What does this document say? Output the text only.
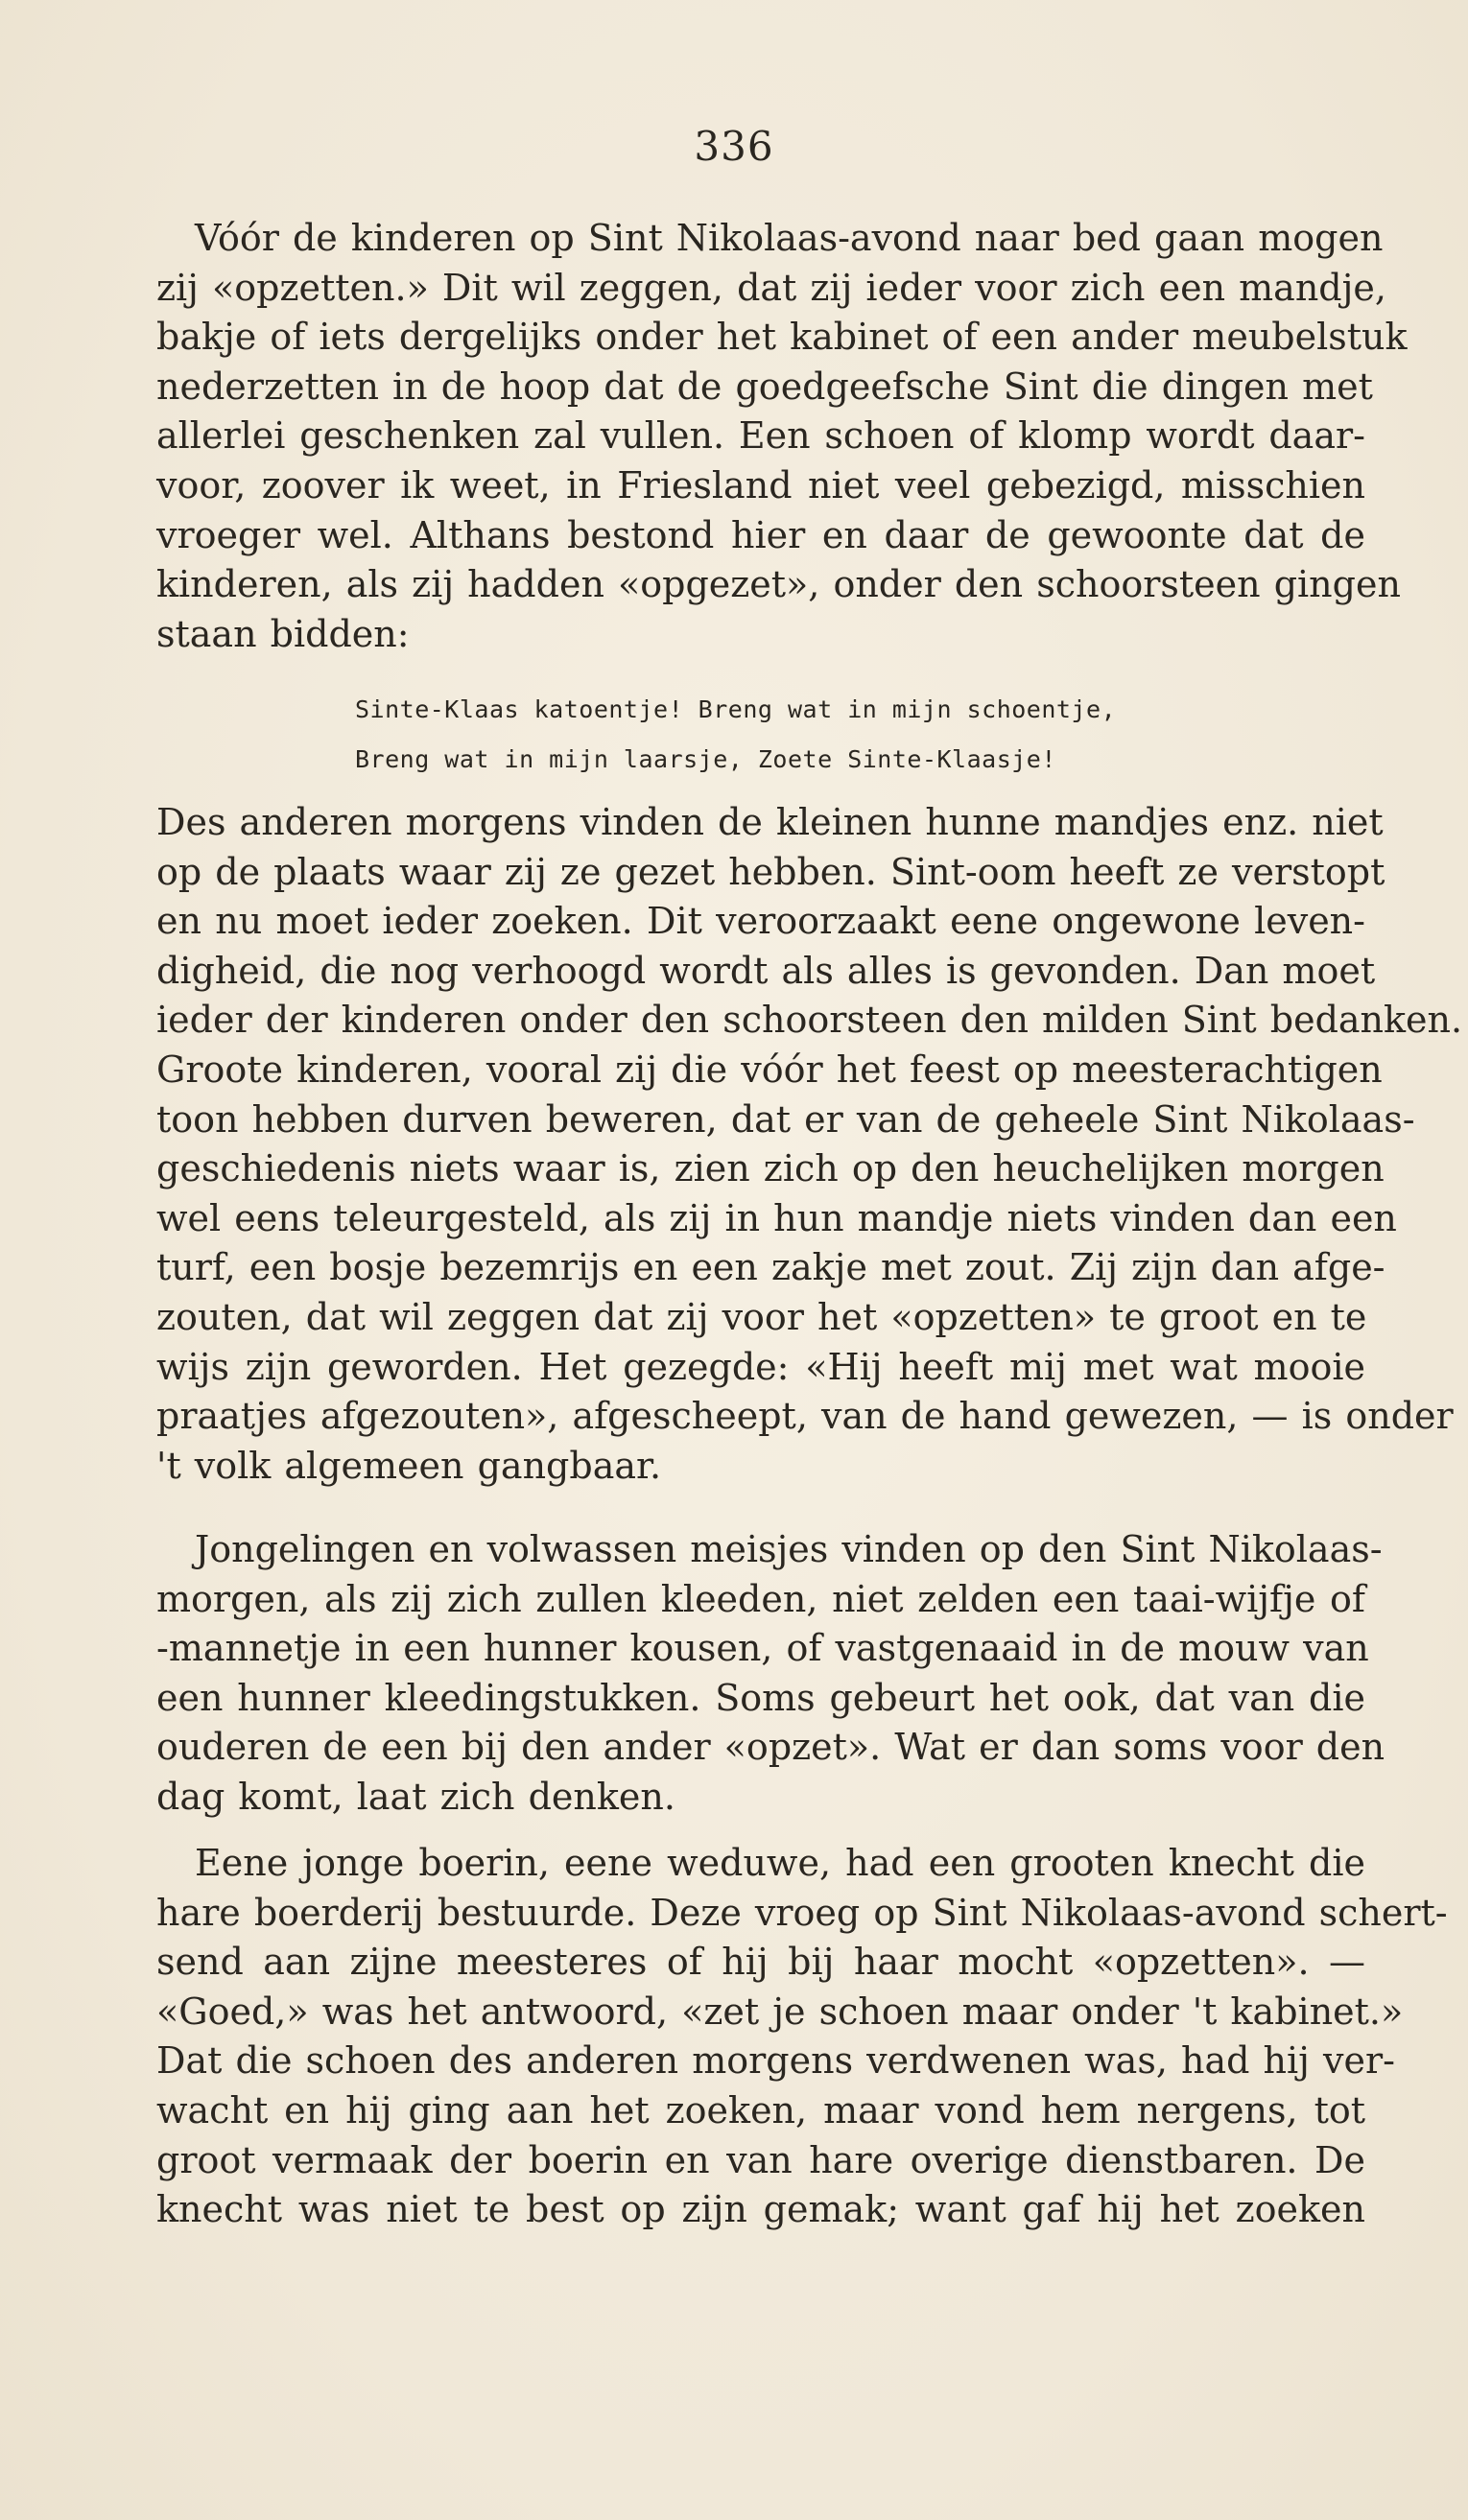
336
Vóór de kinderen op Sint Nikolaas-avond naar bed gaan mogen
zij «opzetten.» Dit wil zeggen, dat zij ieder voor zich een mandje,
bakje of iets dergelijks onder het kabinet of een ander meubelstuk
nederzetten in de hoop dat de goedgeefsche Sint die dingen met
allerlei geschenken zal vullen. Een schoen of klomp wordt daar-
voor, zoover ik weet, in Friesland niet veel gebezigd, misschien
vroeger wel. Althans bestond hier en daar de gewoonte dat de
kinderen, als zij hadden «opgezet», onder den schoorsteen gingen
staan bidden:
Sinte-Klaas katoentje! Breng wat in mijn schoentje,
Breng wat in mijn laarsje, Zoete Sinte-Klaasje!
Des anderen morgens vinden de kleinen hunne mandjes enz. niet
op de plaats waar zij ze gezet hebben. Sint-oom heeft ze verstopt
en nu moet ieder zoeken. Dit veroorzaakt eene ongewone leven-
digheid, die nog verhoogd wordt als alles is gevonden. Dan moet
ieder der kinderen onder den schoorsteen den milden Sint bedanken.
Groote kinderen, vooral zij die vóór het feest op meesterachtigen
toon hebben durven beweren, dat er van de geheele Sint Nikolaas-
geschiedenis niets waar is, zien zich op den heuchelijken morgen
wel eens teleurgesteld, als zij in hun mandje niets vinden dan een
turf, een bosje bezemrijs en een zakje met zout. Zij zijn dan afge-
zouten, dat wil zeggen dat zij voor het «opzetten» te groot en te
wijs zijn geworden. Het gezegde: «Hij heeft mij met wat mooie
praatjes afgezouten», afgescheept, van de hand gewezen, — is onder
't volk algemeen gangbaar.
Jongelingen en volwassen meisjes vinden op den Sint Nikolaas-
morgen, als zij zich zullen kleeden, niet zelden een taai-wijfje of
-mannetje in een hunner kousen, of vastgenaaid in de mouw van
een hunner kleedingstukken. Soms gebeurt het ook, dat van die
ouderen de een bij den ander «opzet». Wat er dan soms voor den
dag komt, laat zich denken.
Eene jonge boerin, eene weduwe, had een grooten knecht die
hare boerderij bestuurde. Deze vroeg op Sint Nikolaas-avond schert-
send aan zijne meesteres of hij bij haar mocht «opzetten». —
«Goed,» was het antwoord, «zet je schoen maar onder 't kabinet.»
Dat die schoen des anderen morgens verdwenen was, had hij ver-
wacht en hij ging aan het zoeken, maar vond hem nergens, tot
groot vermaak der boerin en van hare overige dienstbaren. De
knecht was niet te best op zijn gemak; want gaf hij het zoeken
